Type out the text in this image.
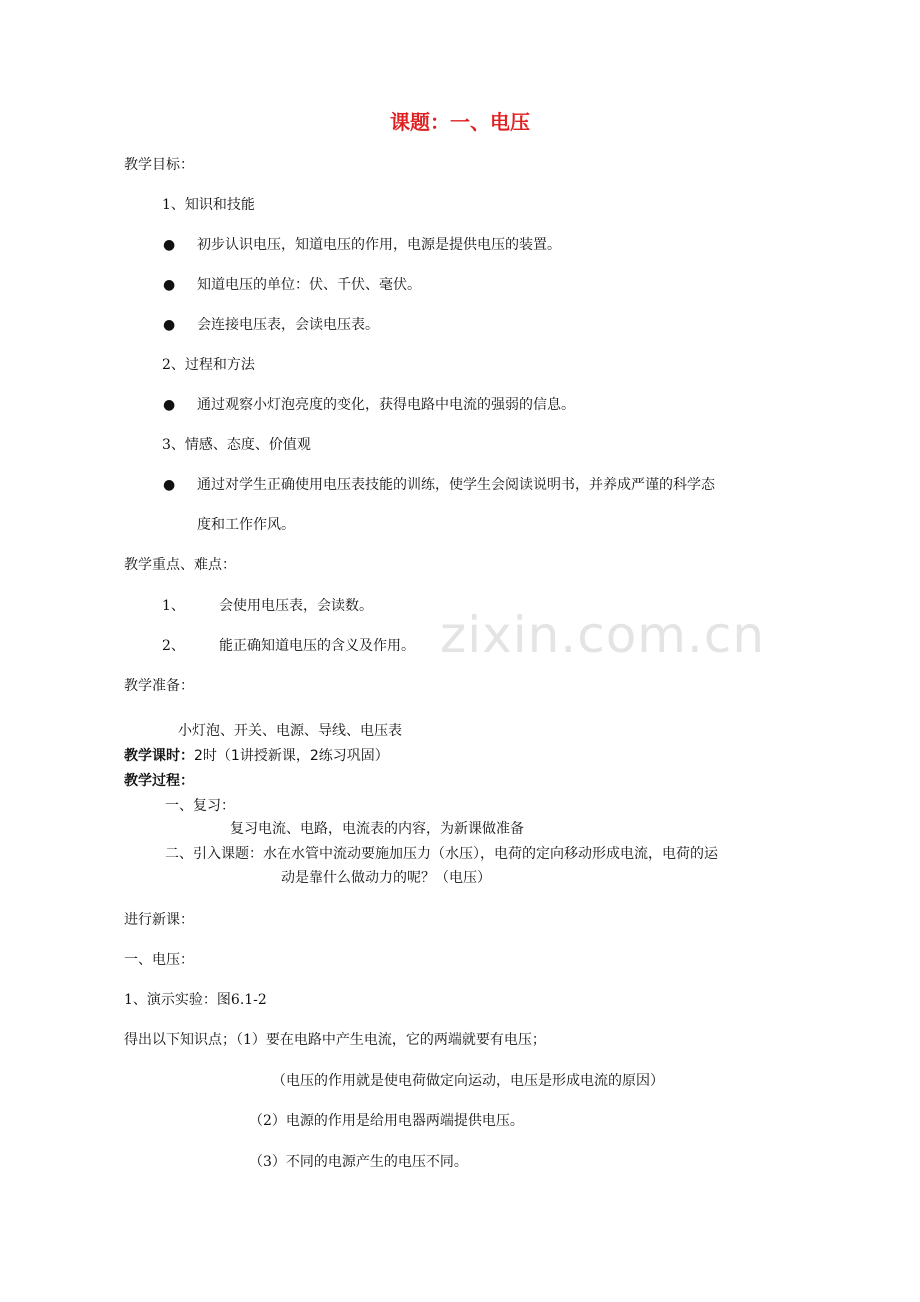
zixin.com.cn
课题：一、电压
教学目标：
1、知识和技能
● 初步认识电压，知道电压的作用，电源是提供电压的装置。
● 知道电压的单位：伏、千伏、毫伏。
● 会连接电压表，会读电压表。
2、过程和方法
● 通过观察小灯泡亮度的变化，获得电路中电流的强弱的信息。
3、情感、态度、价值观
● 通过对学生正确使用电压表技能的训练，使学生会阅读说明书，并养成严谨的科学态
度和工作作风。
教学重点、难点：
1、 会使用电压表，会读数。
2、 能正确知道电压的含义及作用。
教学准备：
小灯泡、开关、电源、导线、电压表
教学课时：2时（1讲授新课，2练习巩固）
教学过程：
一、复习：
复习电流、电路，电流表的内容，为新课做准备
二、引入课题：水在水管中流动要施加压力（水压），电荷的定向移动形成电流，电荷的运
动是靠什么做动力的呢？（电压）
进行新课：
一、电压：
1、演示实验：图6.1-2
得出以下知识点；（1）要在电路中产生电流，它的两端就要有电压；
（电压的作用就是使电荷做定向运动，电压是形成电流的原因）
（2）电源的作用是给用电器两端提供电压。
（3）不同的电源产生的电压不同。
